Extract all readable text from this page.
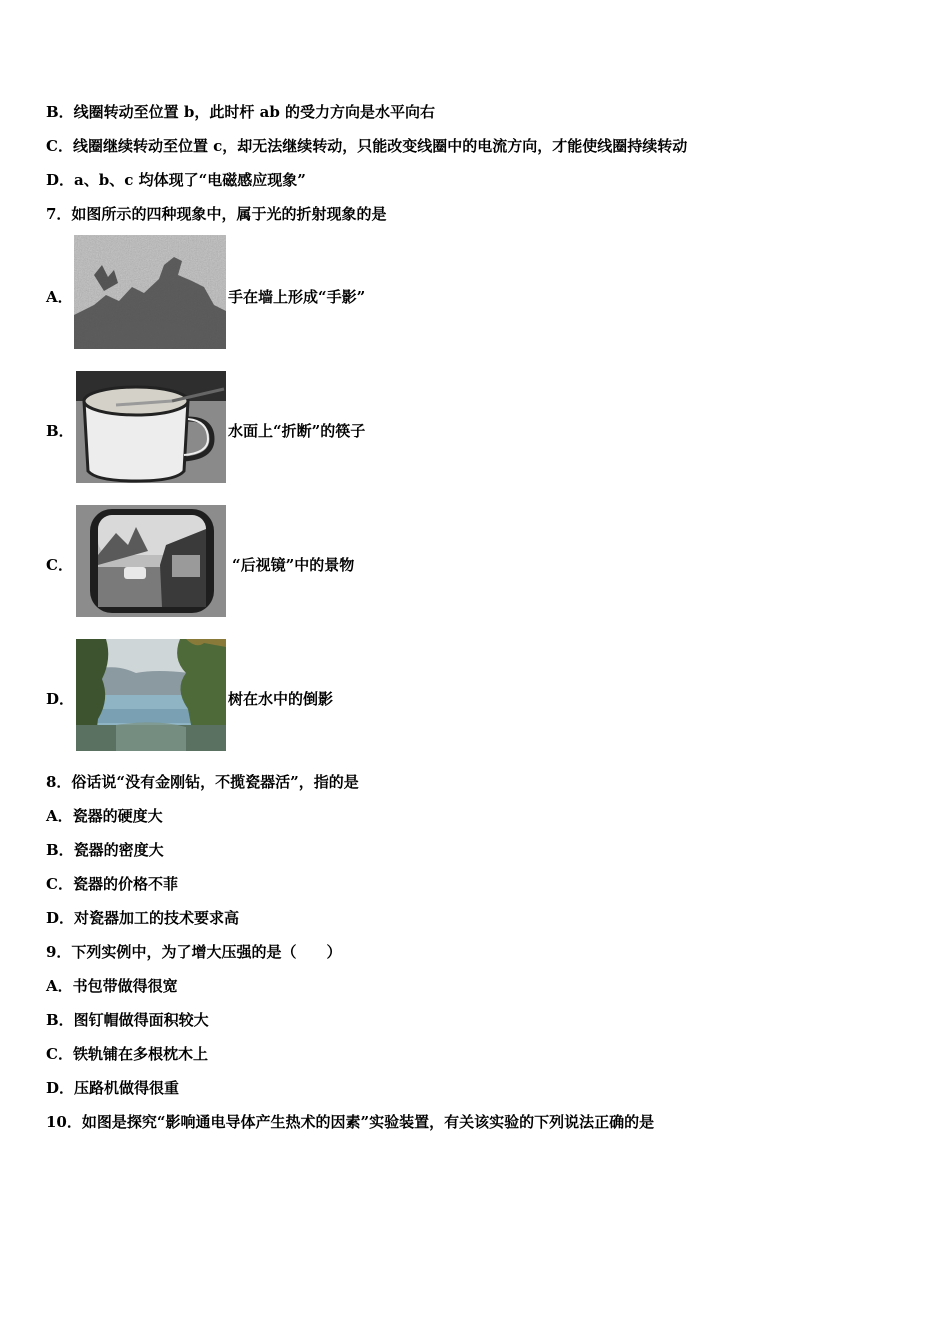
B．线圈转动至位置 b，此时杆 ab 的受力方向是水平向右
C．线圈继续转动至位置 c，却无法继续转动，只能改变线圈中的电流方向，才能使线圈持续转动
D．a、b、c 均体现了“电磁感应现象”
7．如图所示的四种现象中，属于光的折射现象的是
A．	手在墙上形成“手影”
B．	水面上“折断”的筷子
C．	“后视镜”中的景物
D．	树在水中的倒影
8．俗话说“没有金刚钻，不揽瓷器活”，指的是
A．瓷器的硬度大
B．瓷器的密度大
C．瓷器的价格不菲
D．对瓷器加工的技术要求高
9．下列实例中，为了增大压强的是（　　）
A．书包带做得很宽
B．图钉帽做得面积较大
C．铁轨铺在多根枕木上
D．压路机做得很重
10．如图是探究“影响通电导体产生热术的因素”实验装置，有关该实验的下列说法正确的是
